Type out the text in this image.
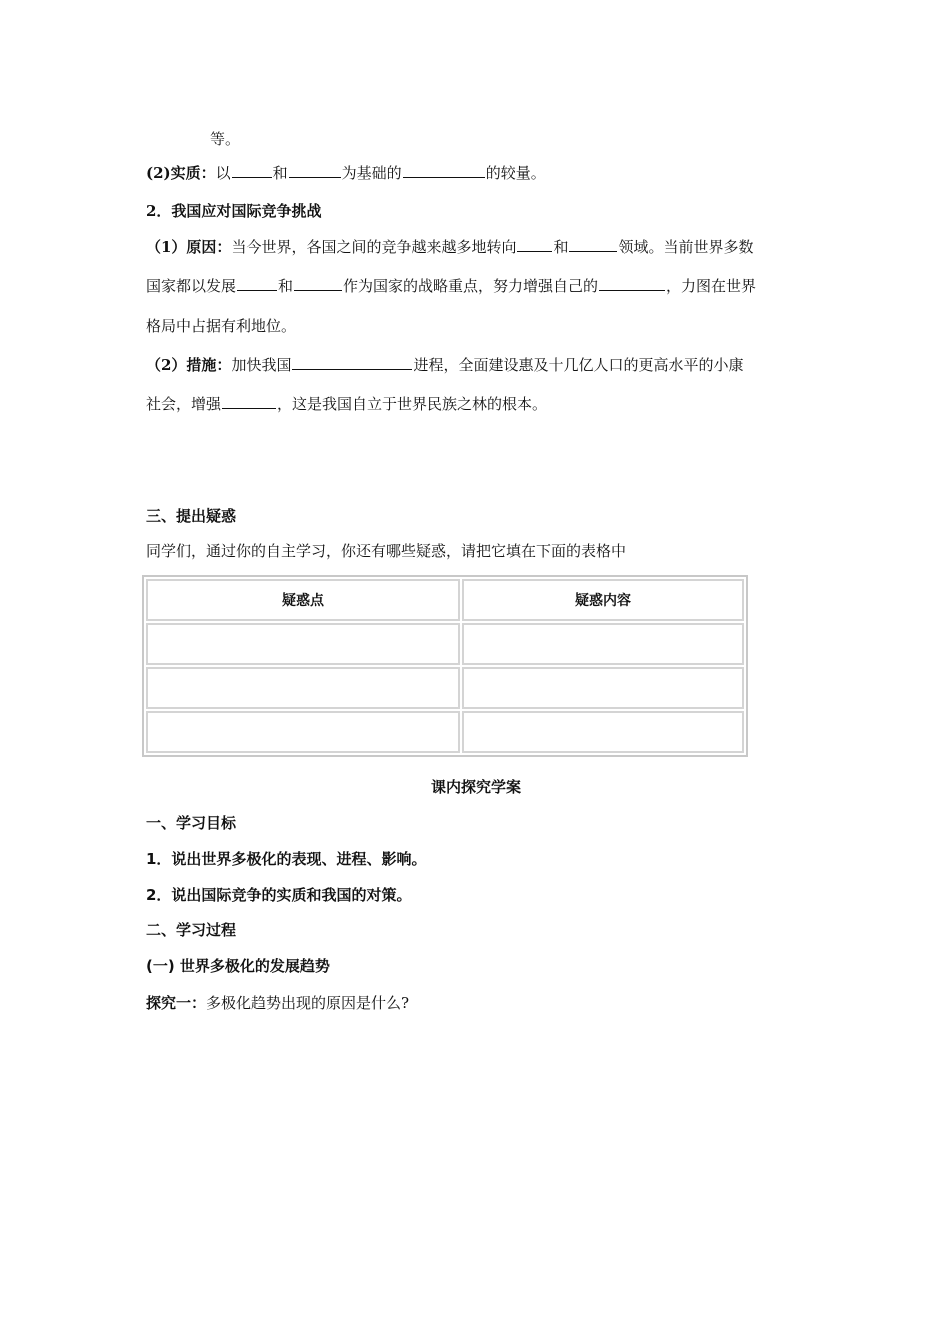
等。
(2)实质：以	和	为基础的	的较量。
2．我国应对国际竞争挑战
（1）原因：当今世界，各国之间的竞争越来越多地转向 和	领域。当前世界多数
国家都以发展	和	作为国家的战略重点，努力增强自己的	，力图在世界
格局中占据有利地位。
（2）措施：加快我国	进程，全面建设惠及十几亿人口的更高水平的小康
社会，增强	，这是我国自立于世界民族之林的根本。
三、提出疑惑
同学们，通过你的自主学习，你还有哪些疑惑，请把它填在下面的表格中
疑惑点	疑惑内容

课内探究学案
一、学习目标
1．说出世界多极化的表现、进程、影响。
2．说出国际竞争的实质和我国的对策。
二、学习过程
(一) 世界多极化的发展趋势
探究一：多极化趋势出现的原因是什么?
